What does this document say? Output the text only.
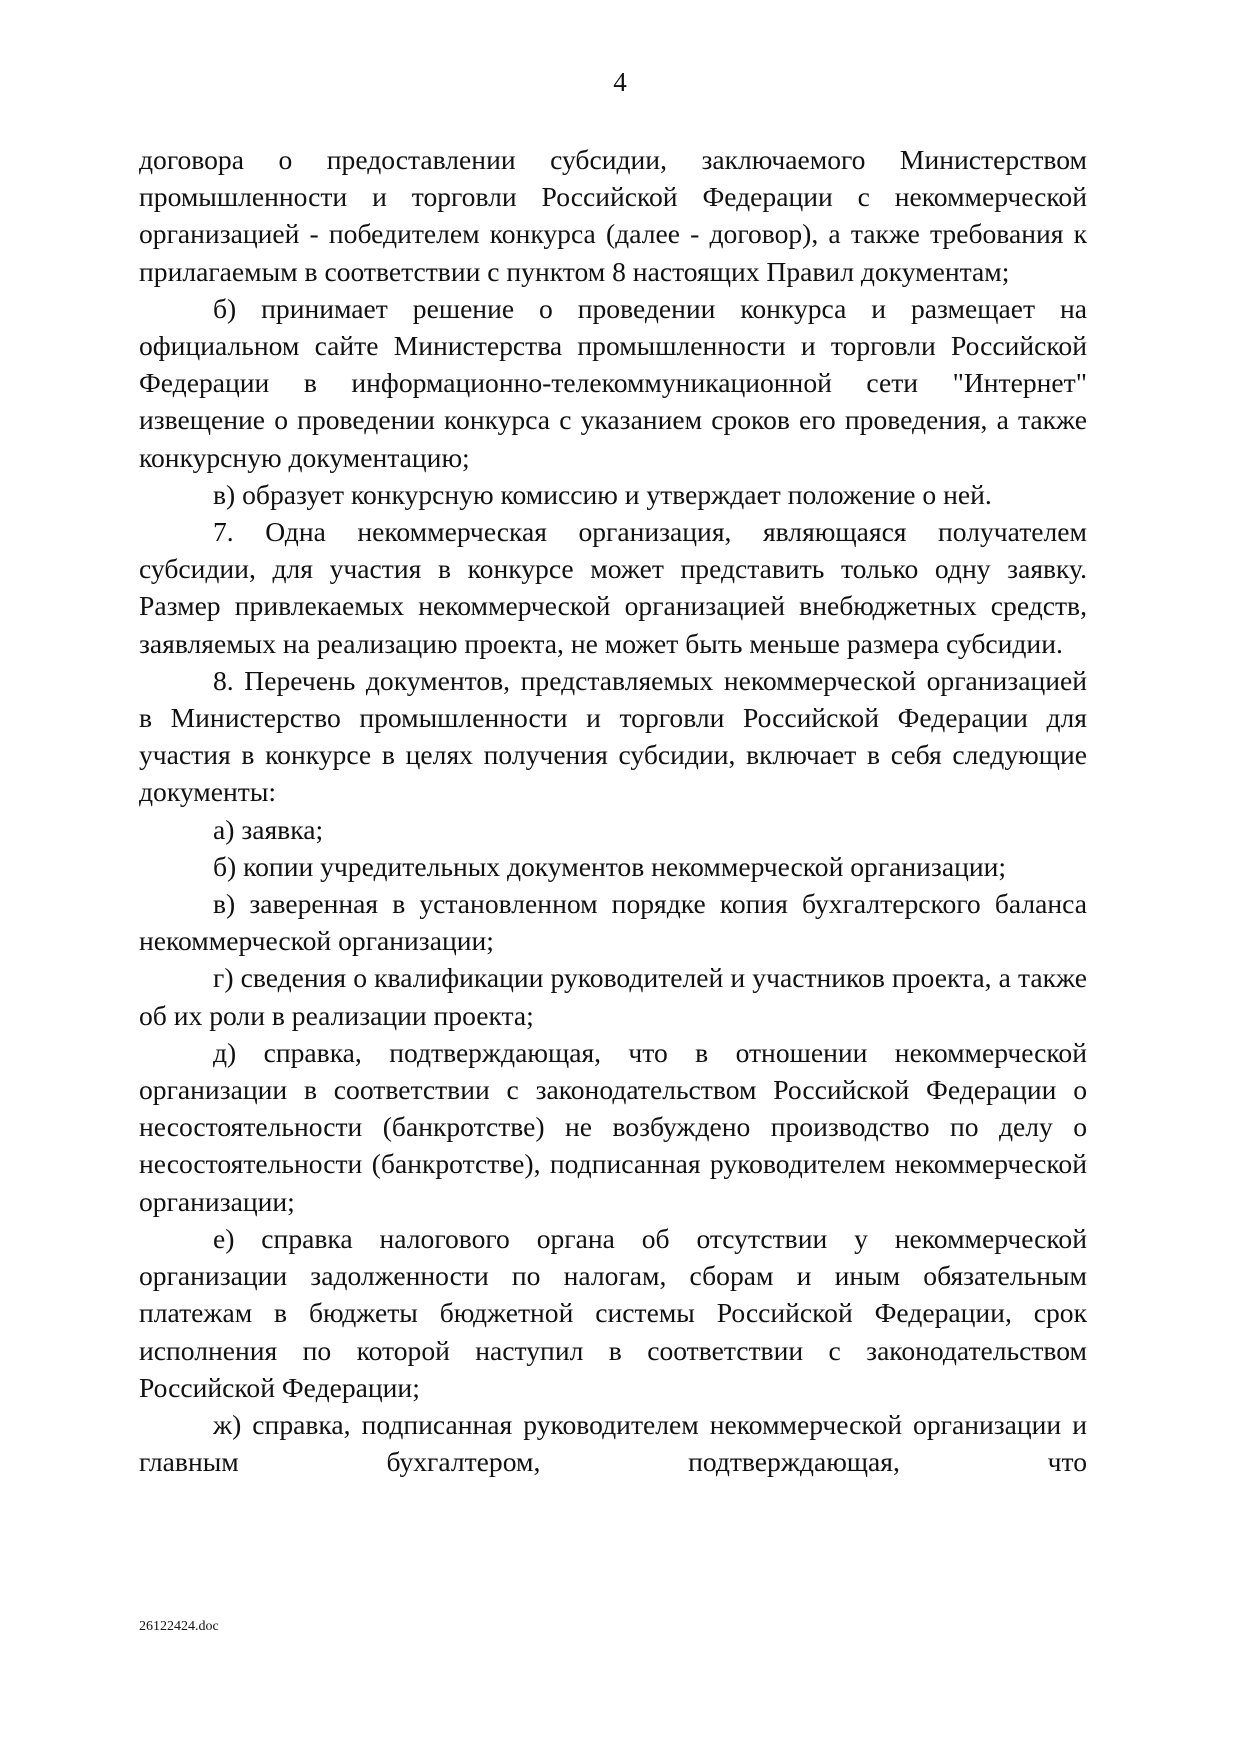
4

договора о предоставлении субсидии, заключаемого Министерством промышленности и торговли Российской Федерации с некоммерческой организацией - победителем конкурса (далее - договор), а также требования к прилагаемым в соответствии с пунктом 8 настоящих Правил документам;

б) принимает решение о проведении конкурса и размещает на официальном сайте Министерства промышленности и торговли Российской Федерации в информационно-телекоммуникационной сети "Интернет" извещение о проведении конкурса с указанием сроков его проведения, а также конкурсную документацию;

в) образует конкурсную комиссию и утверждает положение о ней.

7. Одна некоммерческая организация, являющаяся получателем субсидии, для участия в конкурсе может представить только одну заявку. Размер привлекаемых некоммерческой организацией внебюджетных средств, заявляемых на реализацию проекта, не может быть меньше размера субсидии.

8. Перечень документов, представляемых некоммерческой организацией в Министерство промышленности и торговли Российской Федерации для участия в конкурсе в целях получения субсидии, включает в себя следующие документы:

а) заявка;

б) копии учредительных документов некоммерческой организации;

в) заверенная в установленном порядке копия бухгалтерского баланса некоммерческой организации;

г) сведения о квалификации руководителей и участников проекта, а также об их роли в реализации проекта;

д) справка, подтверждающая, что в отношении некоммерческой организации в соответствии с законодательством Российской Федерации о несостоятельности (банкротстве) не возбуждено производство по делу о несостоятельности (банкротстве), подписанная руководителем некоммерческой организации;

е) справка налогового органа об отсутствии у некоммерческой организации задолженности по налогам, сборам и иным обязательным платежам в бюджеты бюджетной системы Российской Федерации, срок исполнения по которой наступил в соответствии с законодательством Российской Федерации;

ж) справка, подписанная руководителем некоммерческой организации и главным бухгалтером, подтверждающая, что

26122424.doc
